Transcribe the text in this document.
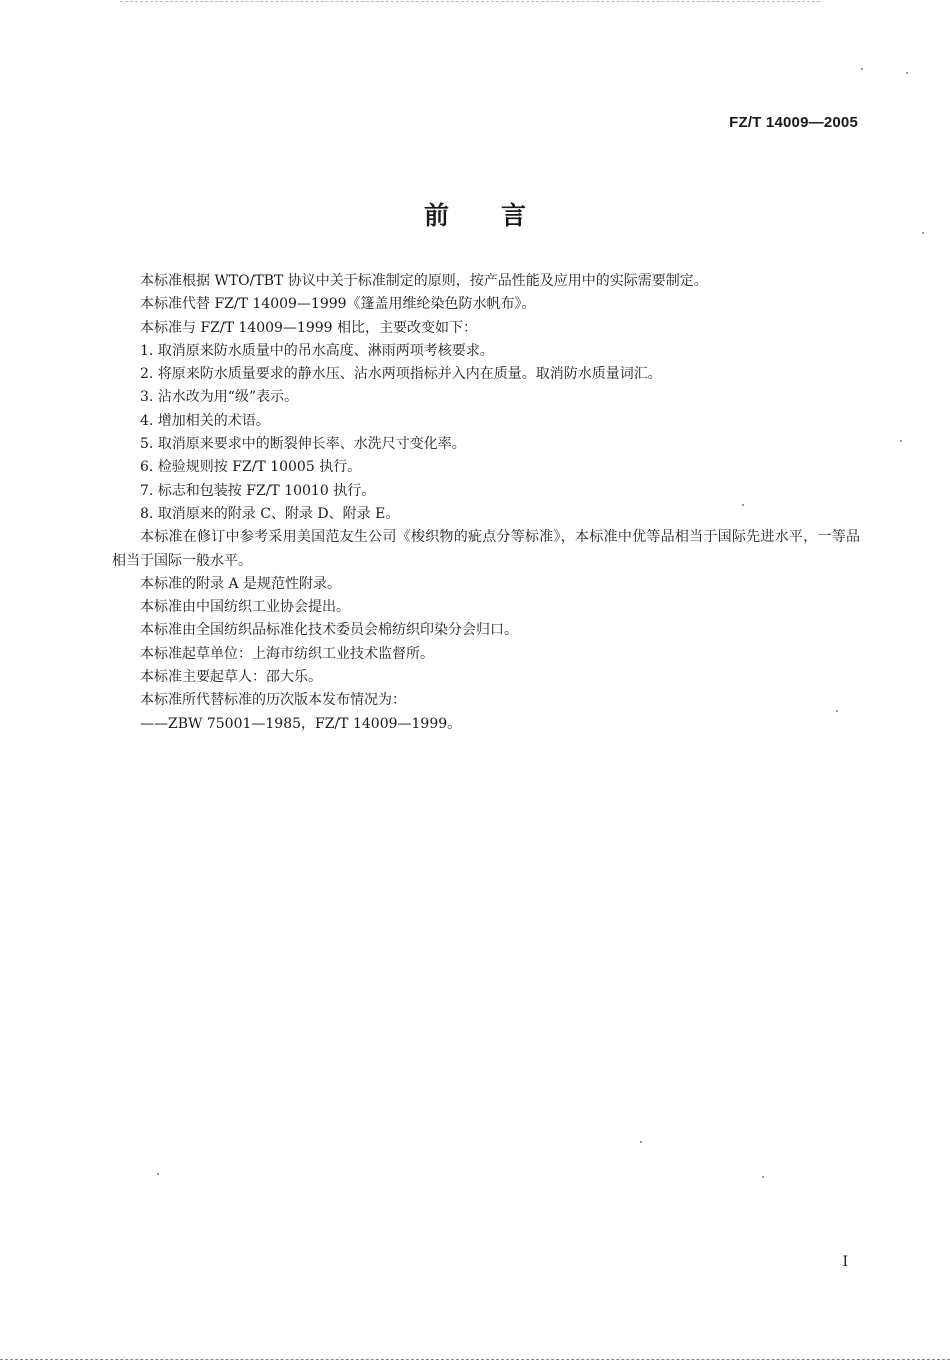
FZ/T 14009—2005
前言

本标准根据 WTO/TBT 协议中关于标准制定的原则，按产品性能及应用中的实际需要制定。

本标准代替 FZ/T 14009—1999《篷盖用维纶染色防水帆布》。

本标准与 FZ/T 14009—1999 相比，主要改变如下：

1. 取消原来防水质量中的吊水高度、淋雨两项考核要求。

2. 将原来防水质量要求的静水压、沾水两项指标并入内在质量。取消防水质量词汇。

3. 沾水改为用“级”表示。

4. 增加相关的术语。

5. 取消原来要求中的断裂伸长率、水洗尺寸变化率。

6. 检验规则按 FZ/T 10005 执行。

7. 标志和包装按 FZ/T 10010 执行。

8. 取消原来的附录 C、附录 D、附录 E。

本标准在修订中参考采用美国范友生公司《梭织物的疵点分等标准》，本标准中优等品相当于国际先进水平，一等品相当于国际一般水平。

本标准的附录 A 是规范性附录。

本标准由中国纺织工业协会提出。

本标准由全国纺织品标准化技术委员会棉纺织印染分会归口。

本标准起草单位：上海市纺织工业技术监督所。

本标准主要起草人：邵大乐。

本标准所代替标准的历次版本发布情况为：

——ZBW 75001—1985，FZ/T 14009—1999。

I
